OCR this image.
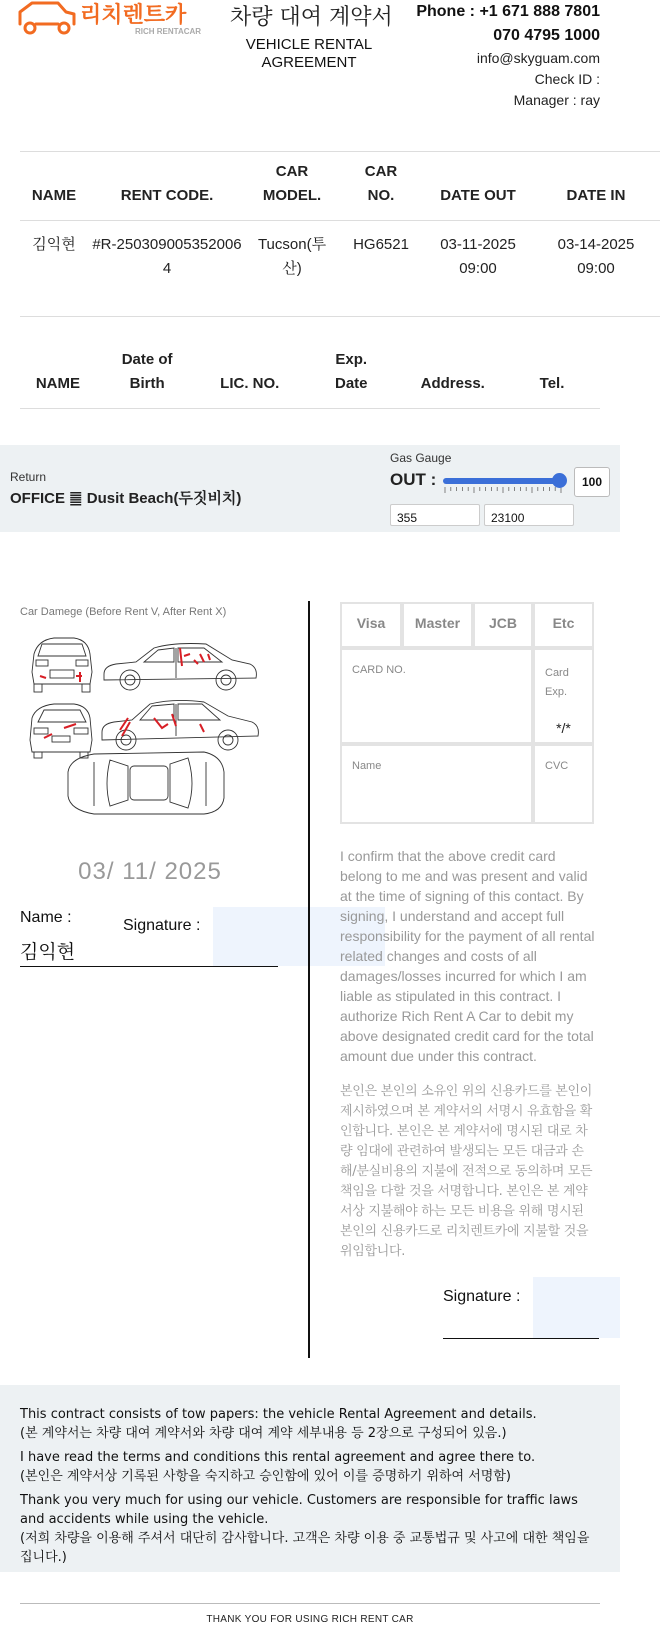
리치렌트카
RICH RENTACAR
차량 대여 계약서
VEHICLE RENTAL AGREEMENT
Phone : +1 671 888 7801
070 4795 1000
info@skyguam.com
Check ID :
Manager : ray
NAME	RENT CODE.	CAR MODEL.	CAR NO.	DATE OUT	DATE IN
김익현	#R-2503090053520064	Tucson(투산)	HG6521	03-11-2025 09:00	03-14-2025 09:00
NAME	Date of Birth	LIC. NO.	Exp. Date	Address.	Tel.
Return
OFFICE ䷀ Dusit Beach(두짓비치)
Gas Gauge
OUT :	100
355	23100
Car Damege (Before Rent V, After Rent X)
03/ 11/ 2025
Name :
김익현
Signature :
Visa	Master	JCB	Etc
CARD NO.	Card Exp.
*/*
Name	CVC
I confirm that the above credit card belong to me and was present and valid at the time of signing of this contact. By signing, I understand and accept full responsibility for the payment of all rental related changes and costs of all damages/losses incurred for which I am liable as stipulated in this contract. I authorize Rich Rent A Car to debit my above designated credit card for the total amount due under this contract.
본인은 본인의 소유인 위의 신용카드를 본인이 제시하였으며 본 계약서의 서명시 유효함을 확인합니다. 본인은 본 계약서에 명시된 대로 차량 임대에 관련하여 발생되는 모든 대금과 손해/분실비용의 지불에 전적으로 동의하며 모든 책임을 다할 것을 서명합니다. 본인은 본 계약서상 지불해야 하는 모든 비용을 위해 명시된 본인의 신용카드로 리치렌트카에 지불할 것을 위임합니다.
Signature :
This contract consists of tow papers: the vehicle Rental Agreement and details.
(본 계약서는 차량 대여 계약서와 차량 대여 계약 세부내용 등 2장으로 구성되어 있음.)
I have read the terms and conditions this rental agreement and agree there to.
(본인은 계약서상 기록된 사항을 숙지하고 승인함에 있어 이를 증명하기 위하여 서명함)
Thank you very much for using our vehicle. Customers are responsible for traffic laws and accidents while using the vehicle.
(저희 차량을 이용해 주셔서 대단히 감사합니다. 고객은 차량 이용 중 교통법규 및 사고에 대한 책임을 집니다.)
THANK YOU FOR USING RICH RENT CAR
